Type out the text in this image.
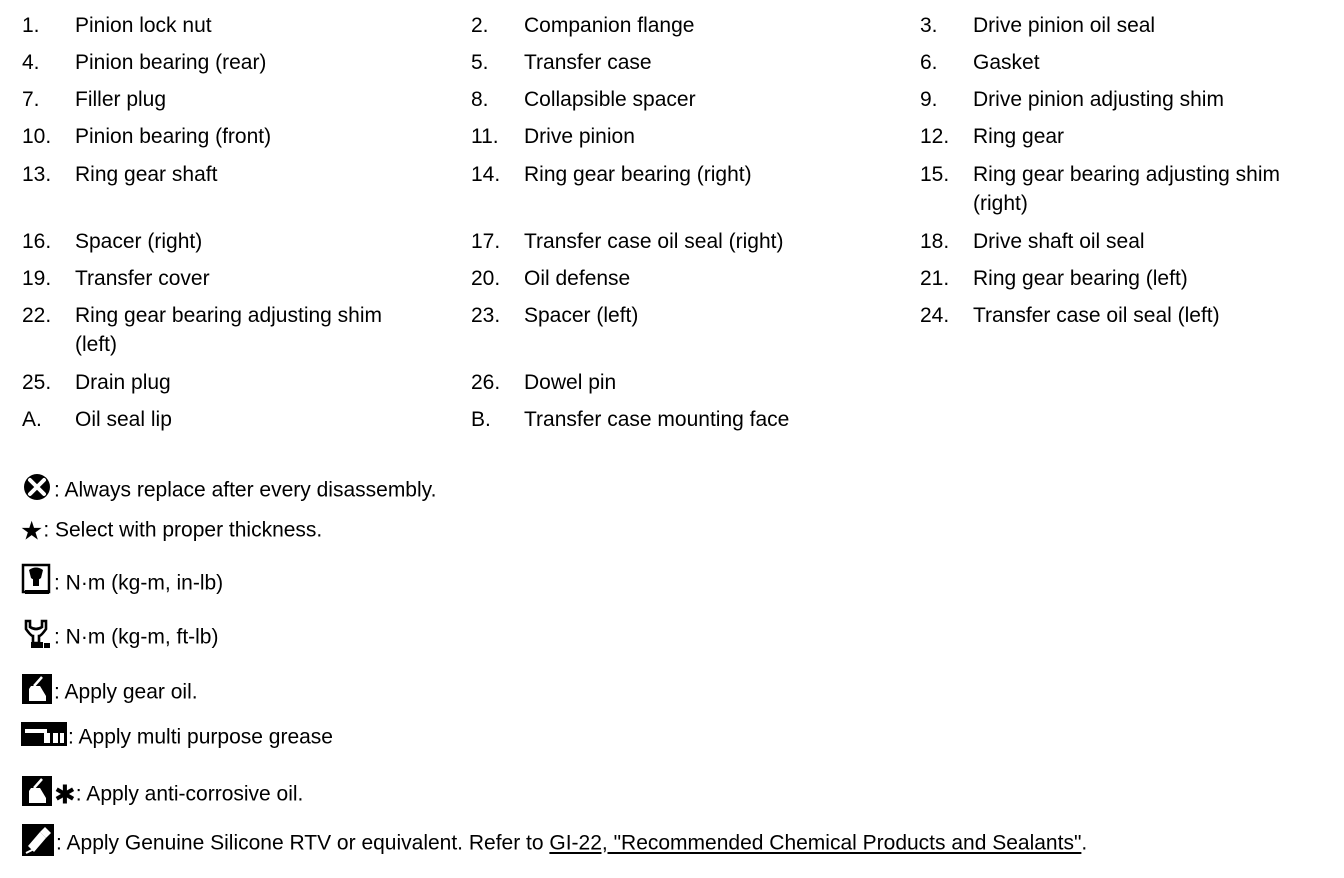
1. Pinion lock nut	2. Companion flange	3. Drive pinion oil seal
4. Pinion bearing (rear)	5. Transfer case	6. Gasket
7. Filler plug	8. Collapsible spacer	9. Drive pinion adjusting shim
10. Pinion bearing (front)	11. Drive pinion	12. Ring gear
13. Ring gear shaft	14. Ring gear bearing (right)	15. Ring gear bearing adjusting shim
(right)
16. Spacer (right)	17. Transfer case oil seal (right)	18. Drive shaft oil seal
19. Transfer cover	20. Oil defense	21. Ring gear bearing (left)
22. Ring gear bearing adjusting shim
(left)
23. Spacer (left)	24. Transfer case oil seal (left)
25. Drain plug	26. Dowel pin
A. Oil seal lip	B. Transfer case mounting face
: Always replace after every disassembly.
★: Select with proper thickness.
: N·m (kg-m, in-lb)
: N·m (kg-m, ft-lb)
: Apply gear oil.
: Apply multi purpose grease
✱: Apply anti-corrosive oil.
: Apply Genuine Silicone RTV or equivalent. Refer to GI-22, "Recommended Chemical Products and Sealants".
